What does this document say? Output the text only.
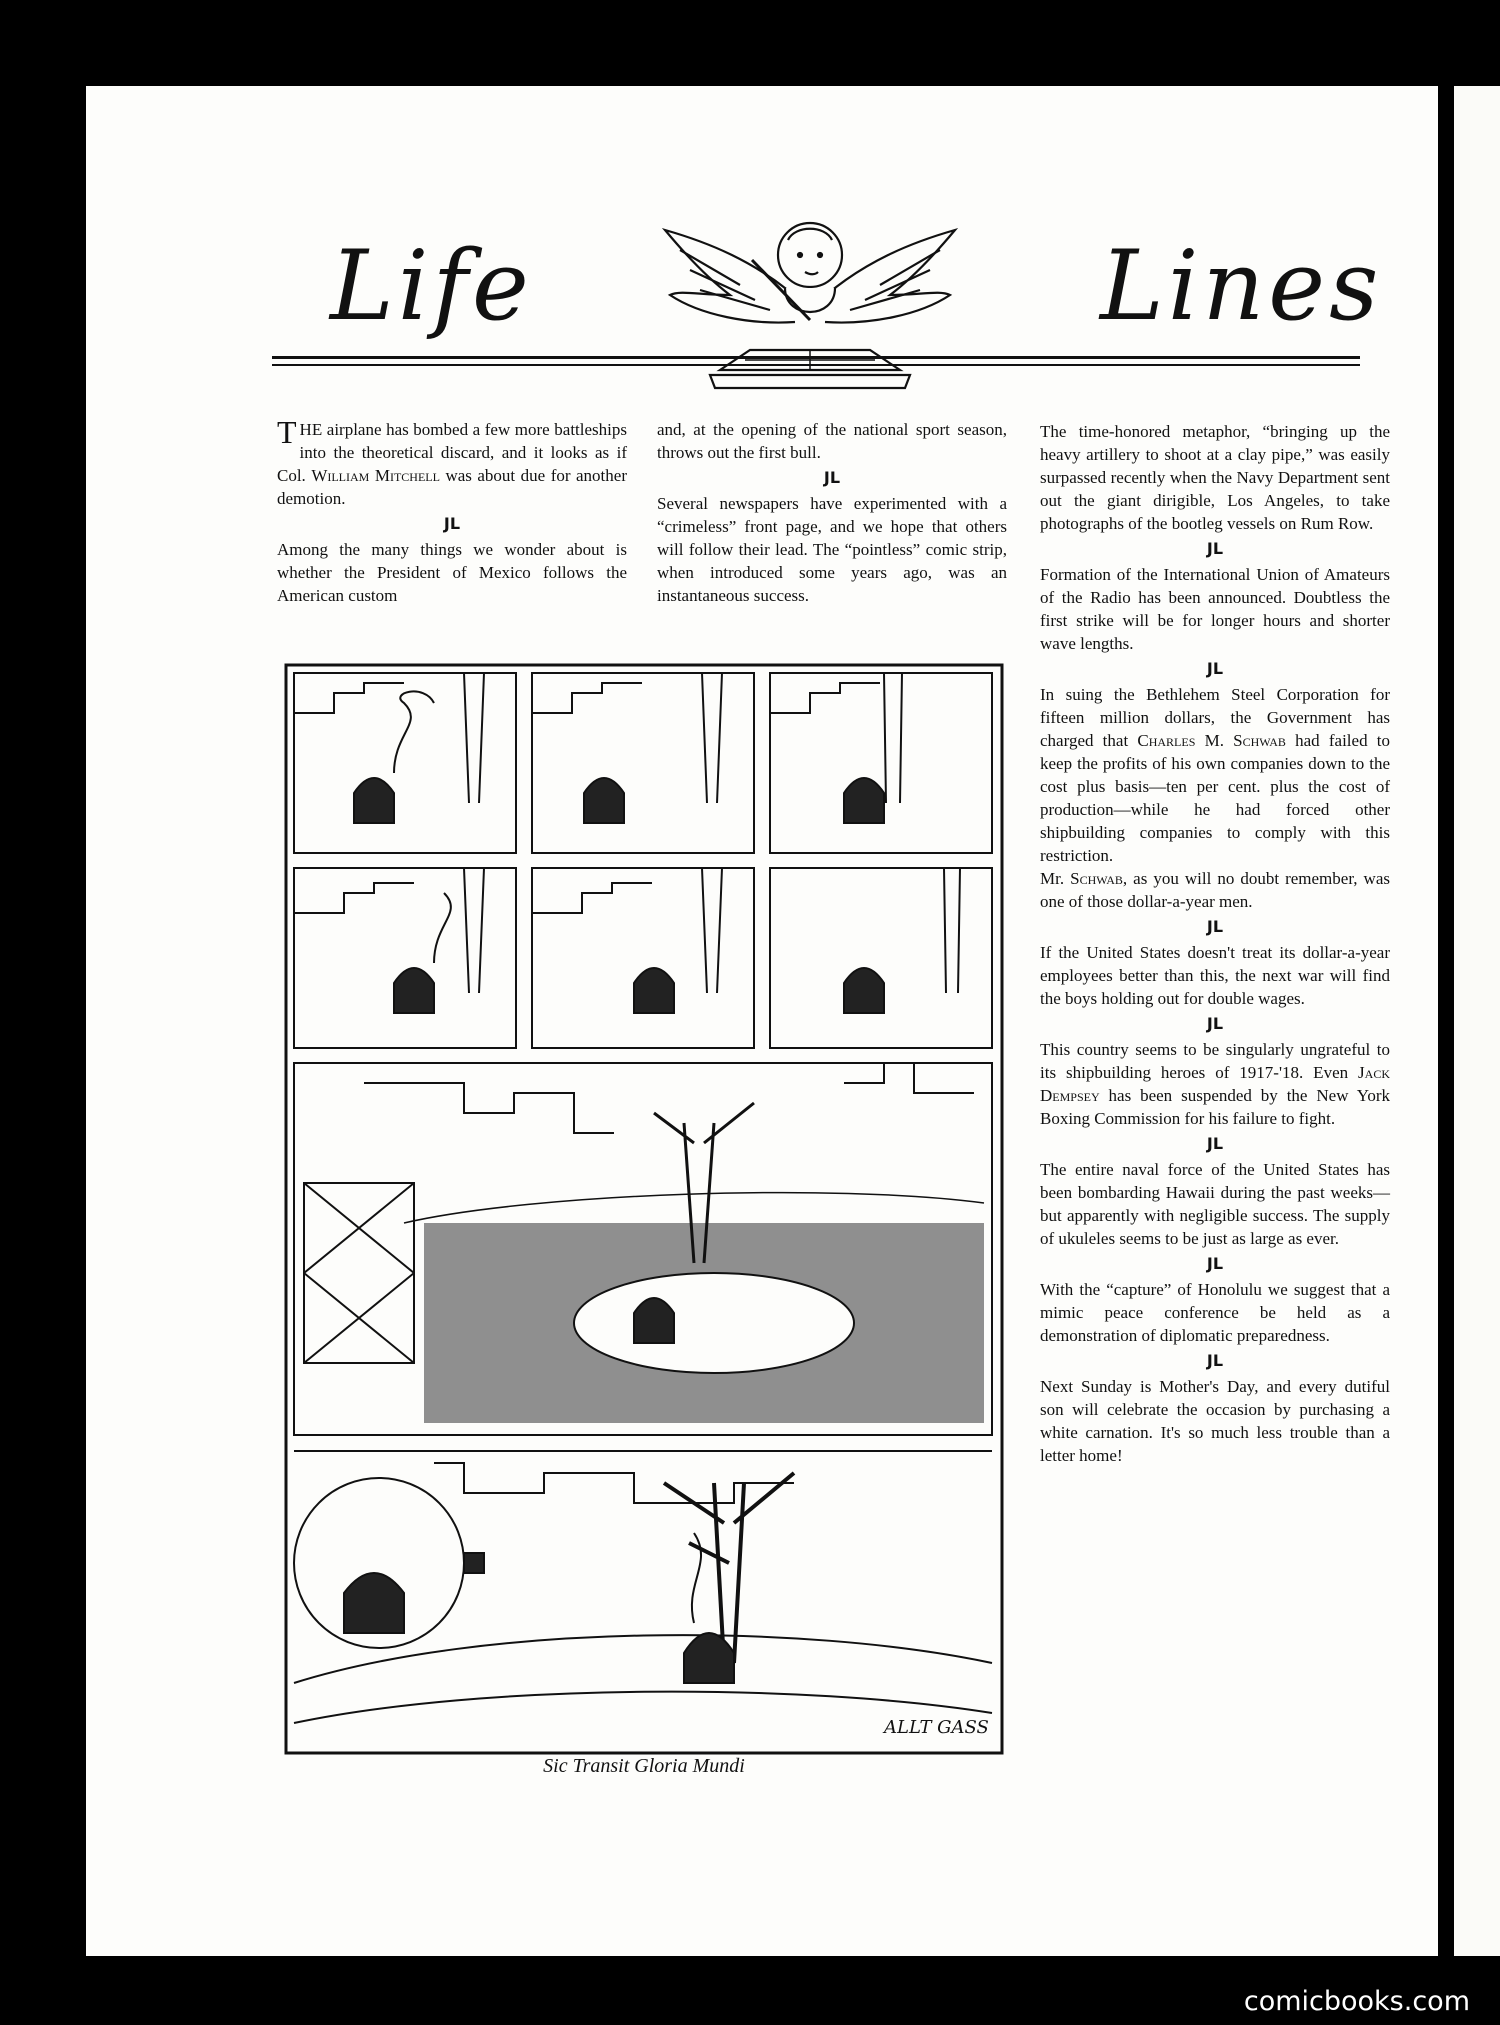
Life	Lines

THE airplane has bombed a few more battleships into the theoretical discard, and it looks as if Col. William Mitchell was about due for another demotion.

JL

Among the many things we wonder about is whether the President of Mexico follows the American custom

and, at the opening of the national sport season, throws out the first bull.

JL

Several newspapers have experimented with a “crimeless” front page, and we hope that others will follow their lead. The “pointless” comic strip, when introduced some years ago, was an instantaneous success.

The time-honored metaphor, “bringing up the heavy artillery to shoot at a clay pipe,” was easily surpassed recently when the Navy Department sent out the giant dirigible, Los Angeles, to take photographs of the bootleg vessels on Rum Row.

JL

Formation of the International Union of Amateurs of the Radio has been announced. Doubtless the first strike will be for longer hours and shorter wave lengths.

JL

In suing the Bethlehem Steel Corporation for fifteen million dollars, the Government has charged that Charles M. Schwab had failed to keep the profits of his own companies down to the cost plus basis—ten per cent. plus the cost of production—while he had forced other shipbuilding companies to comply with this restriction.

Mr. Schwab, as you will no doubt remember, was one of those dollar-a-year men.

JL

If the United States doesn't treat its dollar-a-year employees better than this, the next war will find the boys holding out for double wages.

JL

This country seems to be singularly ungrateful to its shipbuilding heroes of 1917-'18. Even Jack Dempsey has been suspended by the New York Boxing Commission for his failure to fight.

JL

The entire naval force of the United States has been bombarding Hawaii during the past weeks—but apparently with negligible success. The supply of ukuleles seems to be just as large as ever.

JL

With the “capture” of Honolulu we suggest that a mimic peace conference be held as a demonstration of diplomatic preparedness.

JL

Next Sunday is Mother's Day, and every dutiful son will celebrate the occasion by purchasing a white carnation. It's so much less trouble than a letter home!

ALLT GASS
Sic Transit Gloria Mundi
comicbooks.com
